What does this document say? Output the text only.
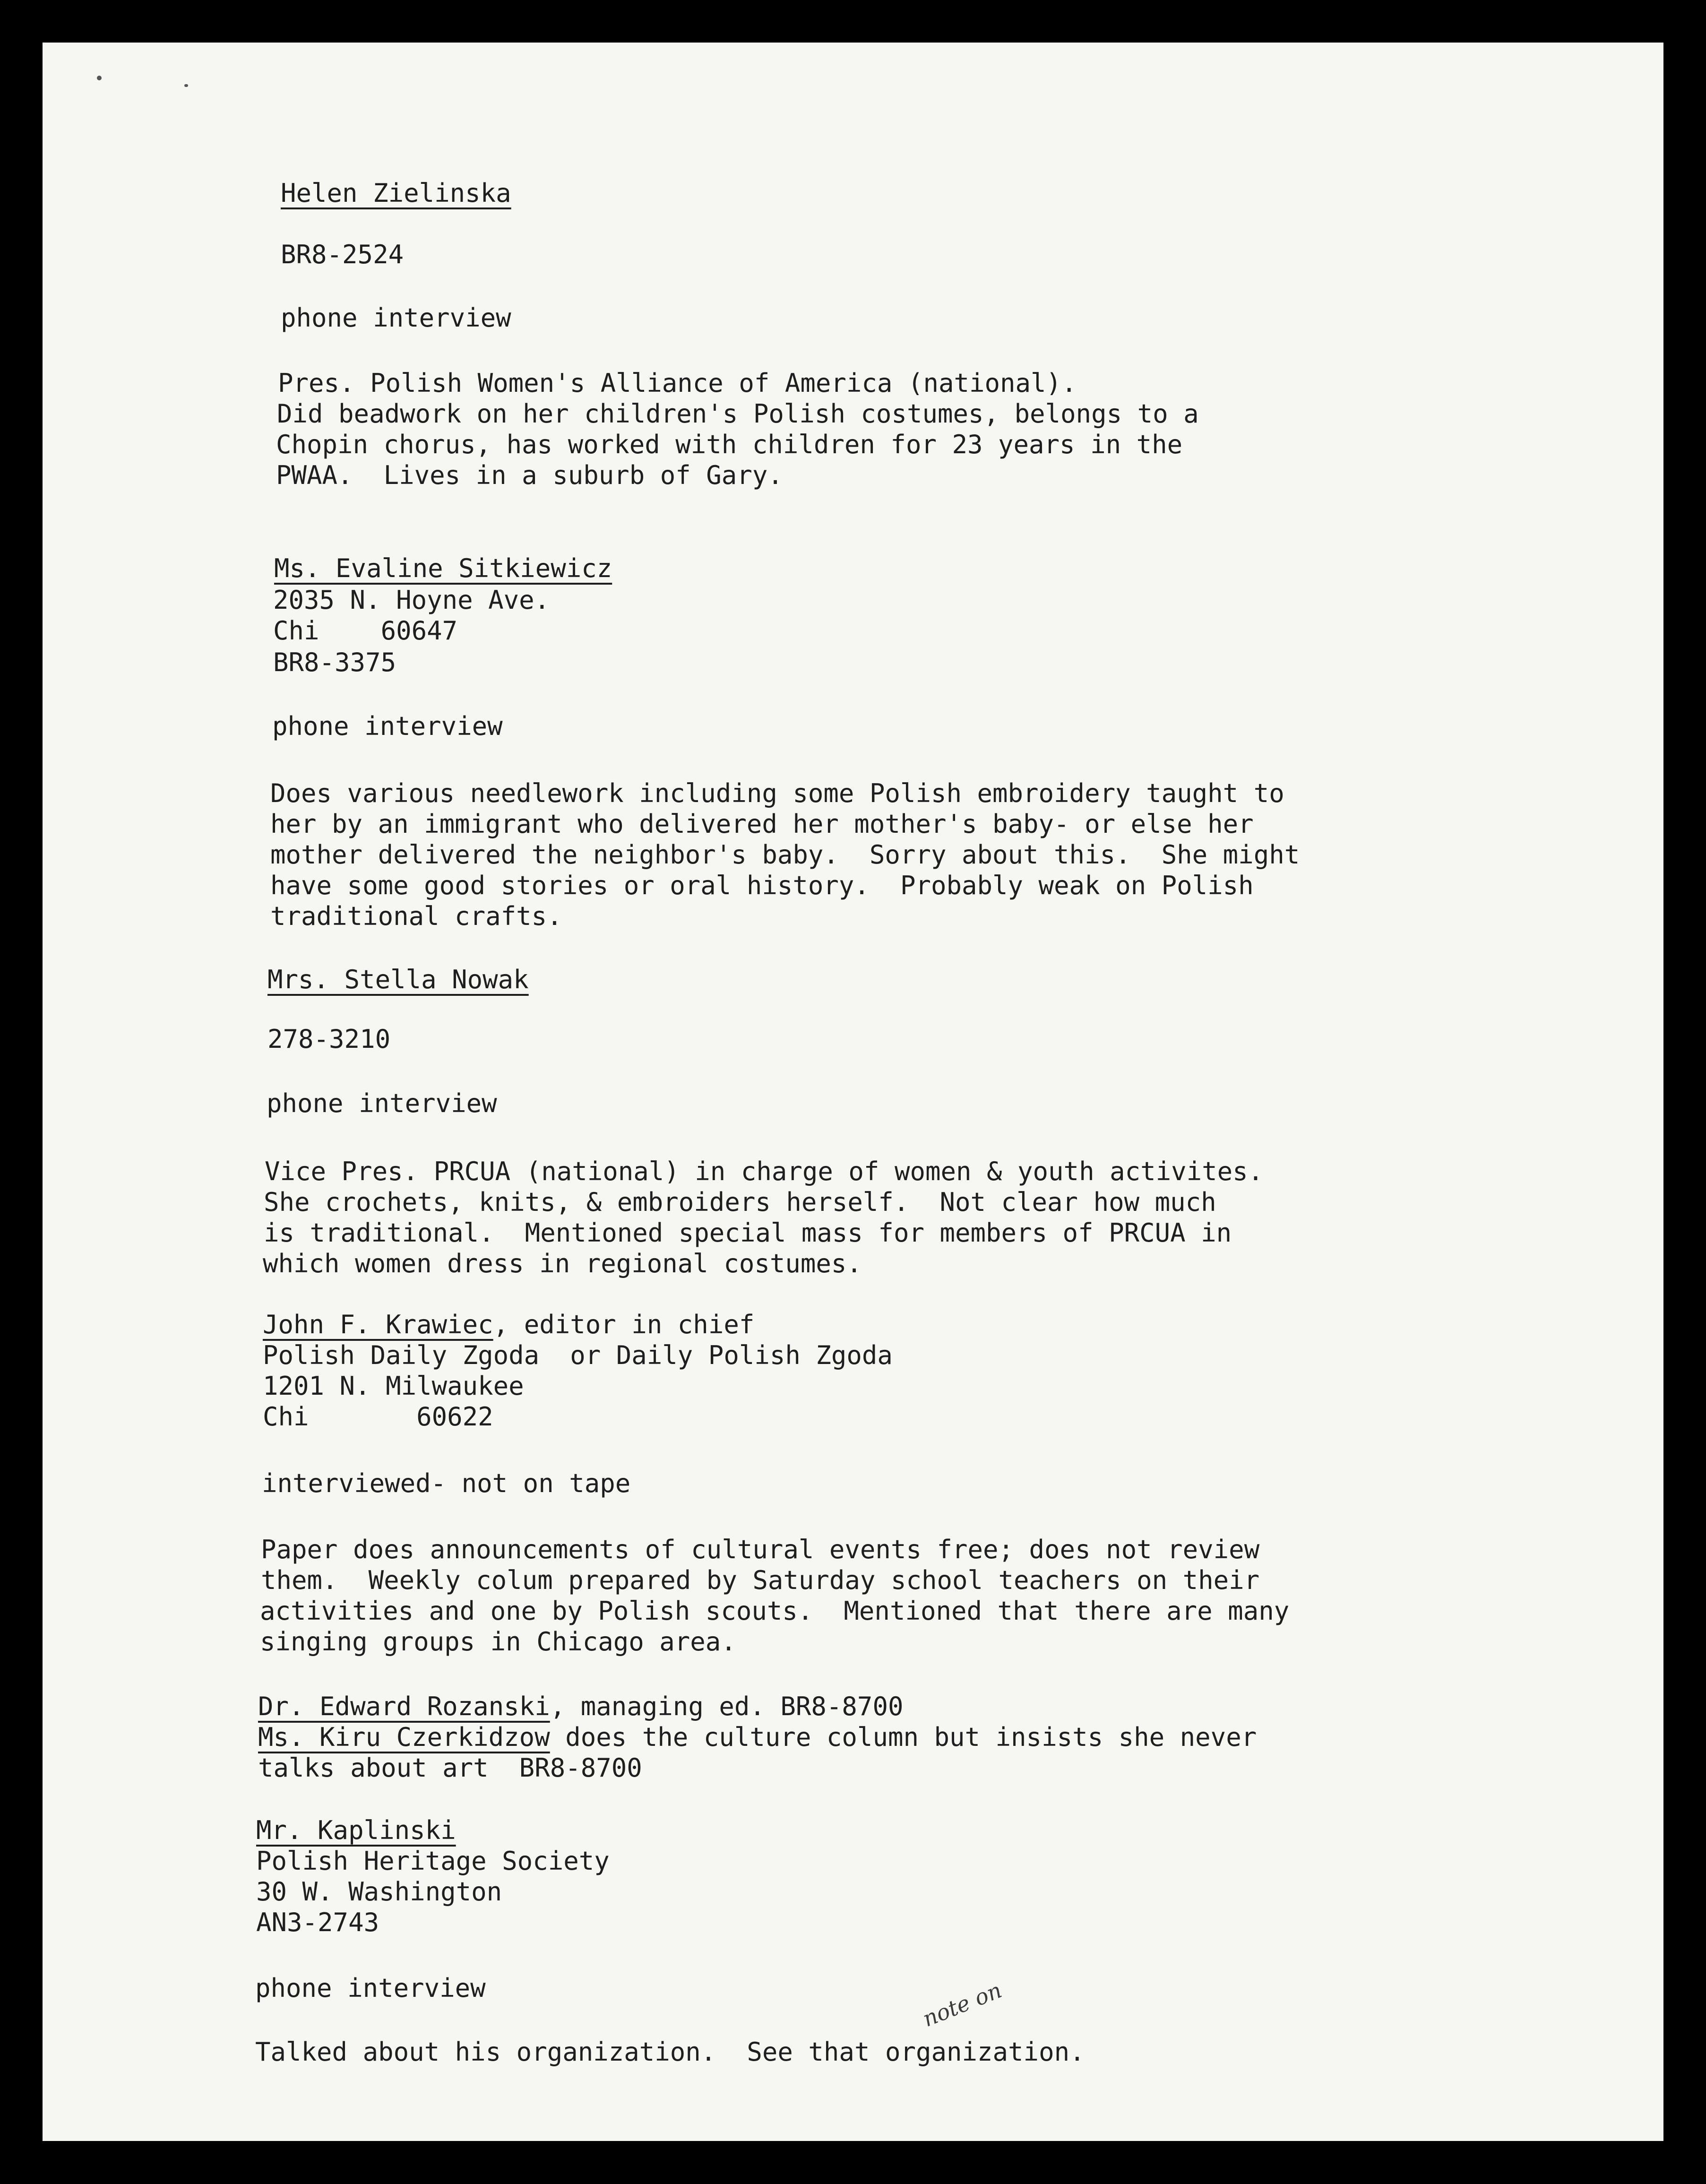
Helen Zielinska
BR8-2524
phone interview
Pres. Polish Women's Alliance of America (national).
Did beadwork on her children's Polish costumes, belongs to a
Chopin chorus, has worked with children for 23 years in the
PWAA.  Lives in a suburb of Gary.
Ms. Evaline Sitkiewicz
2035 N. Hoyne Ave.
Chi    60647
BR8-3375
phone interview
Does various needlework including some Polish embroidery taught to
her by an immigrant who delivered her mother's baby- or else her
mother delivered the neighbor's baby.  Sorry about this.  She might
have some good stories or oral history.  Probably weak on Polish
traditional crafts.
Mrs. Stella Nowak
278-3210
phone interview
Vice Pres. PRCUA (national) in charge of women & youth activites.
She crochets, knits, & embroiders herself.  Not clear how much
is traditional.  Mentioned special mass for members of PRCUA in
which women dress in regional costumes.
John F. Krawiec, editor in chief
Polish Daily Zgoda  or Daily Polish Zgoda
1201 N. Milwaukee
Chi       60622
interviewed- not on tape
Paper does announcements of cultural events free; does not review
them.  Weekly colum prepared by Saturday school teachers on their
activities and one by Polish scouts.  Mentioned that there are many
singing groups in Chicago area.
Dr. Edward Rozanski, managing ed. BR8-8700
Ms. Kiru Czerkidzow does the culture column but insists she never
talks about art  BR8-8700
Mr. Kaplinski
Polish Heritage Society
30 W. Washington
AN3-2743
phone interview
Talked about his organization.  See that organization.
note on
